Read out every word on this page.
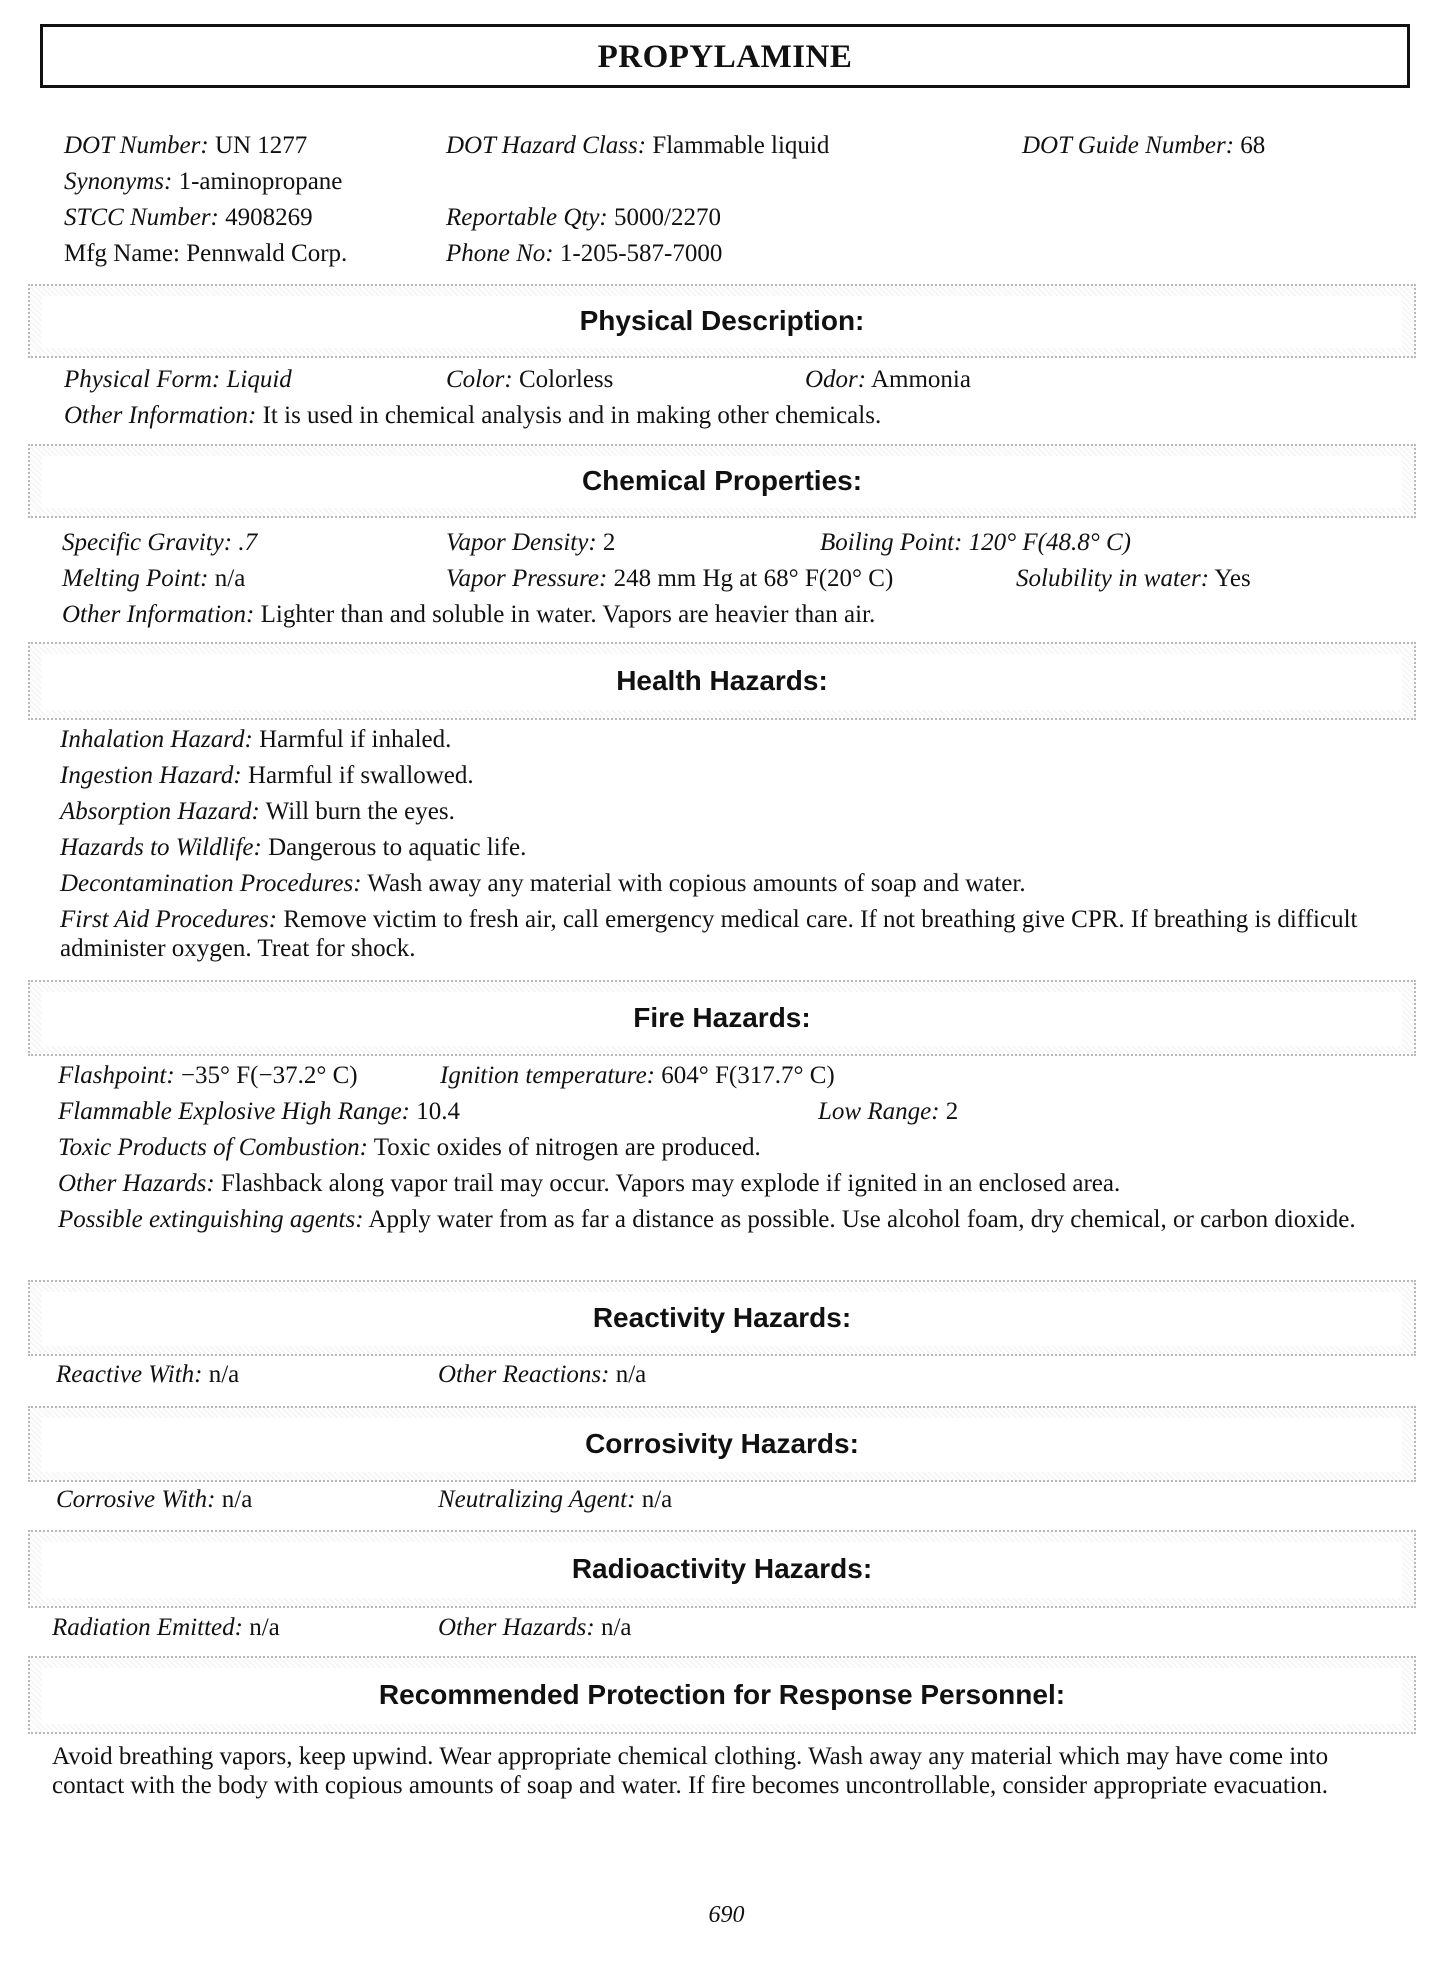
PROPYLAMINE
DOT Number: UN 1277	DOT Hazard Class: Flammable liquid	DOT Guide Number: 68
Synonyms: 1-aminopropane
STCC Number: 4908269	Reportable Qty: 5000/2270
Mfg Name: Pennwald Corp.	Phone No: 1-205-587-7000
Physical Description:
Physical Form: Liquid	Color: Colorless	Odor: Ammonia
Other Information: It is used in chemical analysis and in making other chemicals.
Chemical Properties:
Specific Gravity: .7	Vapor Density: 2	Boiling Point: 120° F(48.8° C)
Melting Point: n/a	Vapor Pressure: 248 mm Hg at 68° F(20° C)	Solubility in water: Yes
Other Information: Lighter than and soluble in water. Vapors are heavier than air.
Health Hazards:
Inhalation Hazard: Harmful if inhaled.
Ingestion Hazard: Harmful if swallowed.
Absorption Hazard: Will burn the eyes.
Hazards to Wildlife: Dangerous to aquatic life.
Decontamination Procedures: Wash away any material with copious amounts of soap and water.
First Aid Procedures: Remove victim to fresh air, call emergency medical care. If not breathing give CPR. If breathing is difficult administer oxygen. Treat for shock.
Fire Hazards:
Flashpoint: −35° F(−37.2° C)	Ignition temperature: 604° F(317.7° C)
Flammable Explosive High Range: 10.4	Low Range: 2
Toxic Products of Combustion: Toxic oxides of nitrogen are produced.
Other Hazards: Flashback along vapor trail may occur. Vapors may explode if ignited in an enclosed area.
Possible extinguishing agents: Apply water from as far a distance as possible. Use alcohol foam, dry chemical, or carbon dioxide.
Reactivity Hazards:
Reactive With: n/a	Other Reactions: n/a
Corrosivity Hazards:
Corrosive With: n/a	Neutralizing Agent: n/a
Radioactivity Hazards:
Radiation Emitted: n/a	Other Hazards: n/a
Recommended Protection for Response Personnel:
Avoid breathing vapors, keep upwind. Wear appropriate chemical clothing. Wash away any material which may have come into contact with the body with copious amounts of soap and water. If fire becomes uncontrollable, consider appropriate evacuation.
690
